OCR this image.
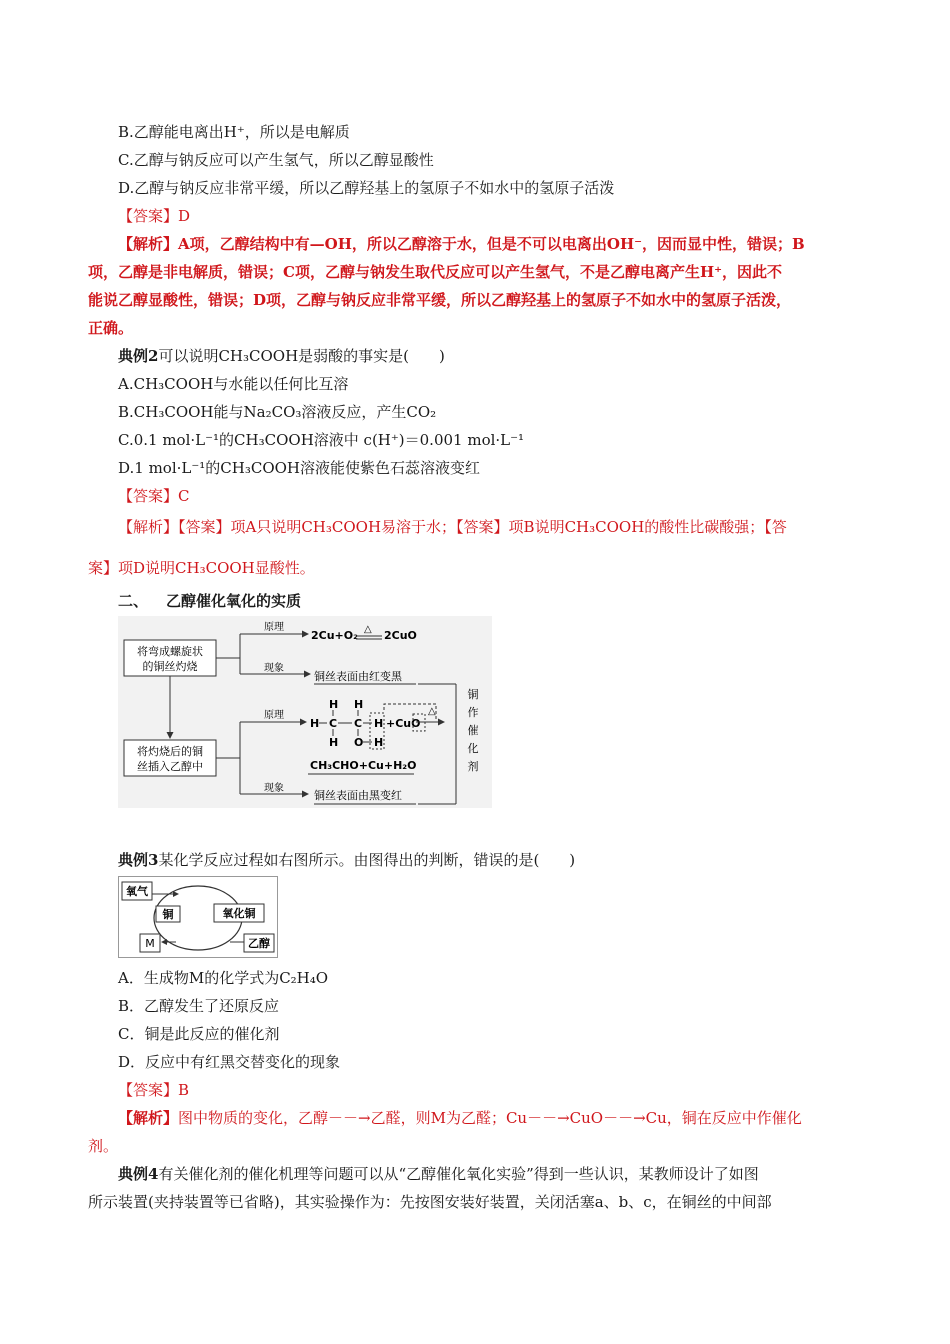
B.乙醇能电离出H⁺，所以是电解质
C.乙醇与钠反应可以产生氢气，所以乙醇显酸性
D.乙醇与钠反应非常平缓，所以乙醇羟基上的氢原子不如水中的氢原子活泼
【答案】D
【解析】A项，乙醇结构中有—OH，所以乙醇溶于水，但是不可以电离出OH⁻，因而显中性，错误；B
项，乙醇是非电解质，错误；C项，乙醇与钠发生取代反应可以产生氢气，不是乙醇电离产生H⁺，因此不
能说乙醇显酸性，错误；D项，乙醇与钠反应非常平缓，所以乙醇羟基上的氢原子不如水中的氢原子活泼，
正确。
典例2可以说明CH₃COOH是弱酸的事实是(　　)
A.CH₃COOH与水能以任何比互溶
B.CH₃COOH能与Na₂CO₃溶液反应，产生CO₂
C.0.1 mol·L⁻¹的CH₃COOH溶液中 c(H⁺)＝0.001 mol·L⁻¹
D.1 mol·L⁻¹的CH₃COOH溶液能使紫色石蕊溶液变红
【答案】C
【解析】【答案】项A只说明CH₃COOH易溶于水；【答案】项B说明CH₃COOH的酸性比碳酸强；【答
案】项D说明CH₃COOH显酸性。
二、 乙醇催化氧化的实质
将弯成螺旋状
的铜丝灼烧
将灼烧后的铜
丝插入乙醇中
原理
现象
2Cu+O₂ △ 2CuO
铜丝表面由红变黑
原理
现象
H H
H C C H
H O H
+CuO
△
CH₃CHO+Cu+H₂O
铜丝表面由黑变红
铜
作
催
化
剂
典例3某化学反应过程如右图所示。由图得出的判断，错误的是(　　)
氧气
铜	氧化铜
M	乙醇
A．生成物M的化学式为C₂H₄O
B．乙醇发生了还原反应
C．铜是此反应的催化剂
D．反应中有红黑交替变化的现象
【答案】B
【解析】图中物质的变化，乙醇－－→乙醛，则M为乙醛；Cu－－→CuO－－→Cu，铜在反应中作催化
剂。
典例4有关催化剂的催化机理等问题可以从“乙醇催化氧化实验”得到一些认识，某教师设计了如图
所示装置(夹持装置等已省略)，其实验操作为：先按图安装好装置，关闭活塞a、b、c，在铜丝的中间部
